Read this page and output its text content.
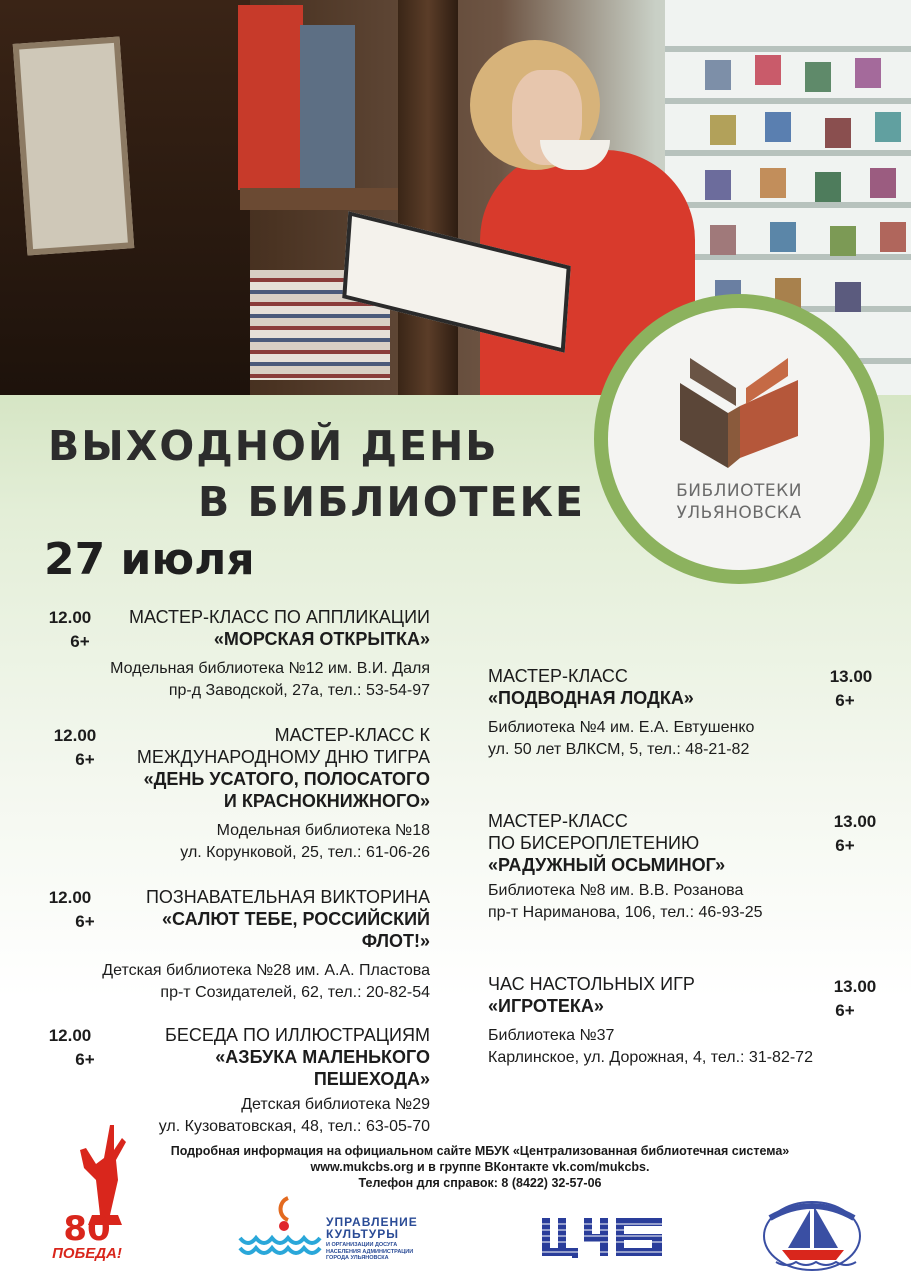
БИБЛИОТЕКИ
УЛЬЯНОВСКА
ВЫХОДНОЙ ДЕНЬ
В БИБЛИОТЕКЕ
27 июля
12.00
6+
МАСТЕР-КЛАСС ПО АППЛИКАЦИИ
«МОРСКАЯ ОТКРЫТКА»
Модельная библиотека №12 им. В.И. Даля
пр-д Заводской, 27а, тел.: 53-54-97
12.00
6+
МАСТЕР-КЛАСС К
МЕЖДУНАРОДНОМУ ДНЮ ТИГРА
«ДЕНЬ УСАТОГО, ПОЛОСАТОГО
И КРАСНОКНИЖНОГО»
Модельная библиотека №18
ул. Корунковой, 25, тел.: 61-06-26
12.00
6+
ПОЗНАВАТЕЛЬНАЯ ВИКТОРИНА
«САЛЮТ ТЕБЕ, РОССИЙСКИЙ
ФЛОТ!»
Детская библиотека №28 им. А.А. Пластова
пр-т Созидателей, 62, тел.: 20-82-54
12.00
6+
БЕСЕДА ПО ИЛЛЮСТРАЦИЯМ
«АЗБУКА МАЛЕНЬКОГО
ПЕШЕХОДА»
Детская библиотека №29
ул. Кузоватовская, 48, тел.: 63-05-70
МАСТЕР-КЛАСС
«ПОДВОДНАЯ ЛОДКА»
Библиотека №4 им. Е.А. Евтушенко
ул. 50 лет ВЛКСМ, 5, тел.: 48-21-82
13.00
6+
МАСТЕР-КЛАСС
ПО БИСЕРОПЛЕТЕНИЮ
«РАДУЖНЫЙ ОСЬМИНОГ»
Библиотека №8 им. В.В. Розанова
пр-т Нариманова, 106, тел.: 46-93-25
13.00
6+
ЧАС НАСТОЛЬНЫХ ИГР
«ИГРОТЕКА»
Библиотека №37
Карлинское, ул. Дорожная, 4, тел.: 31-82-72
13.00
6+
Подробная информация на официальном сайте МБУК «Централизованная библиотечная система»
www.mukcbs.org и в группе ВКонтакте vk.com/mukcbs.
Телефон для справок: 8 (8422) 32-57-06
80
ПОБЕДА!
УПРАВЛЕНИЕ
КУЛЬТУРЫ
И ОРГАНИЗАЦИИ ДОСУГА
НАСЕЛЕНИЯ АДМИНИСТРАЦИИ
ГОРОДА УЛЬЯНОВСКА
